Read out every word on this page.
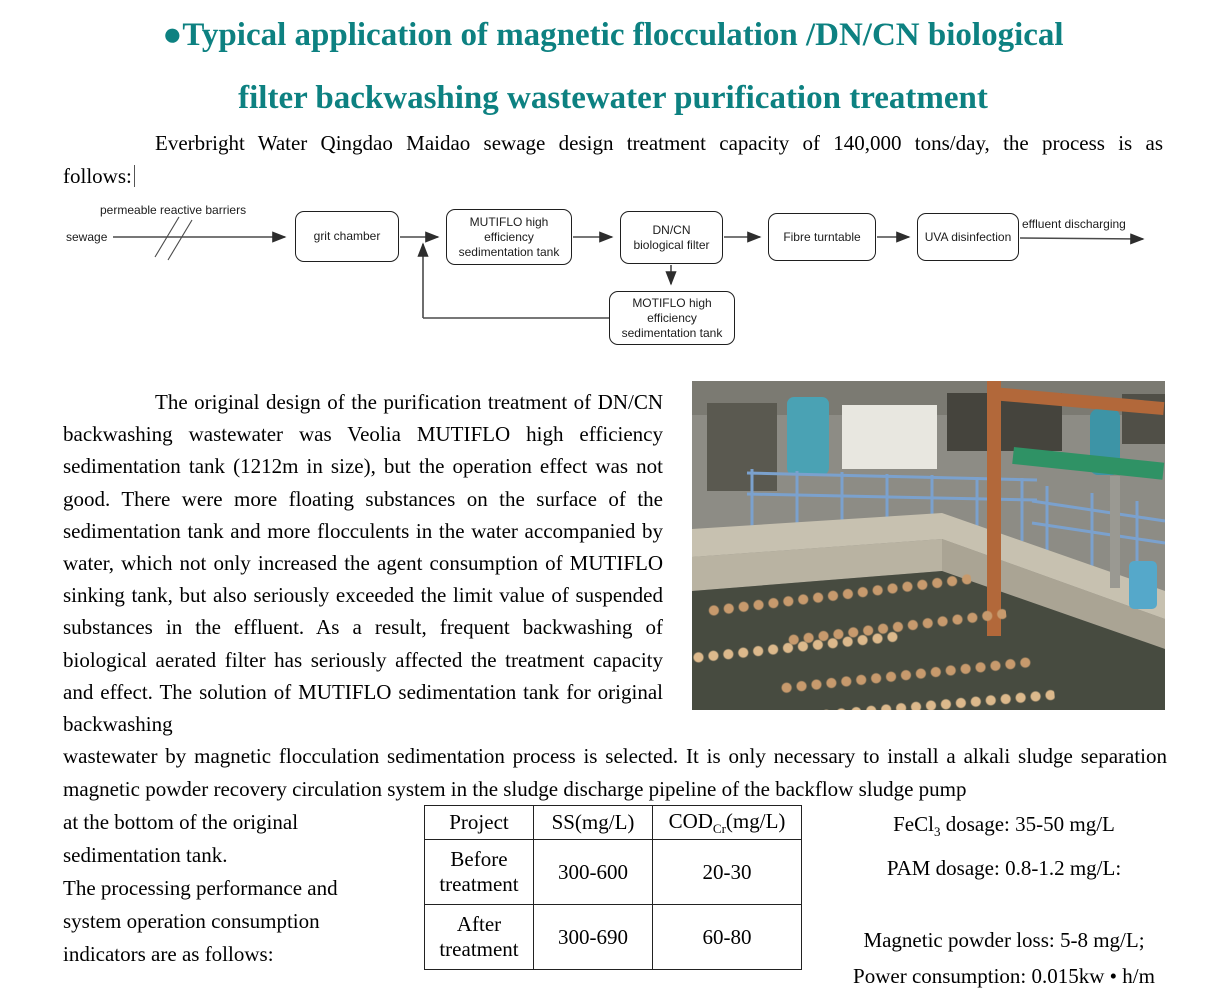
●Typical application of magnetic flocculation /DN/CN biological
filter backwashing wastewater purification treatment
Everbright Water Qingdao Maidao sewage design treatment capacity of 140,000 tons/day, the process is as
follows:
permeable reactive barriers
sewage
effluent discharging
grit chamber
MUTIFLO high
efficiency
sedimentation tank
DN/CN
biological filter
Fibre turntable	UVA disinfection
MOTIFLO high
efficiency
sedimentation tank
The original design of the purification treatment of DN/CN backwashing wastewater was Veolia MUTIFLO high efficiency sedimentation tank (1212m in size), but the operation effect was not good. There were more floating substances on the surface of the sedimentation tank and more flocculents in the water accompanied by water, which not only increased the agent consumption of MUTIFLO sinking tank, but also seriously exceeded the limit value of suspended substances in the effluent. As a result, frequent backwashing of biological aerated filter has seriously affected the treatment capacity and effect. The solution of MUTIFLO sedimentation tank for original backwashing
wastewater by magnetic flocculation sedimentation process is selected. It is only necessary to install a alkali sludge separation magnetic powder recovery circulation system in the sludge discharge pipeline of the backflow sludge pump

at the bottom of the original sedimentation tank.

The processing performance and system operation consumption indicators are as follows:

Project	SS(mg/L)	$COD_{Cr}(mg/L)$

Before
treatment	300-600	20-30

After
treatment	300-690	60-80
FeCl$_3$ dosage: 35-50 mg/L
PAM dosage: 0.8-1.2 mg/L:
Magnetic powder loss: 5-8 mg/L;
Power consumption: 0.015kw • h/m
